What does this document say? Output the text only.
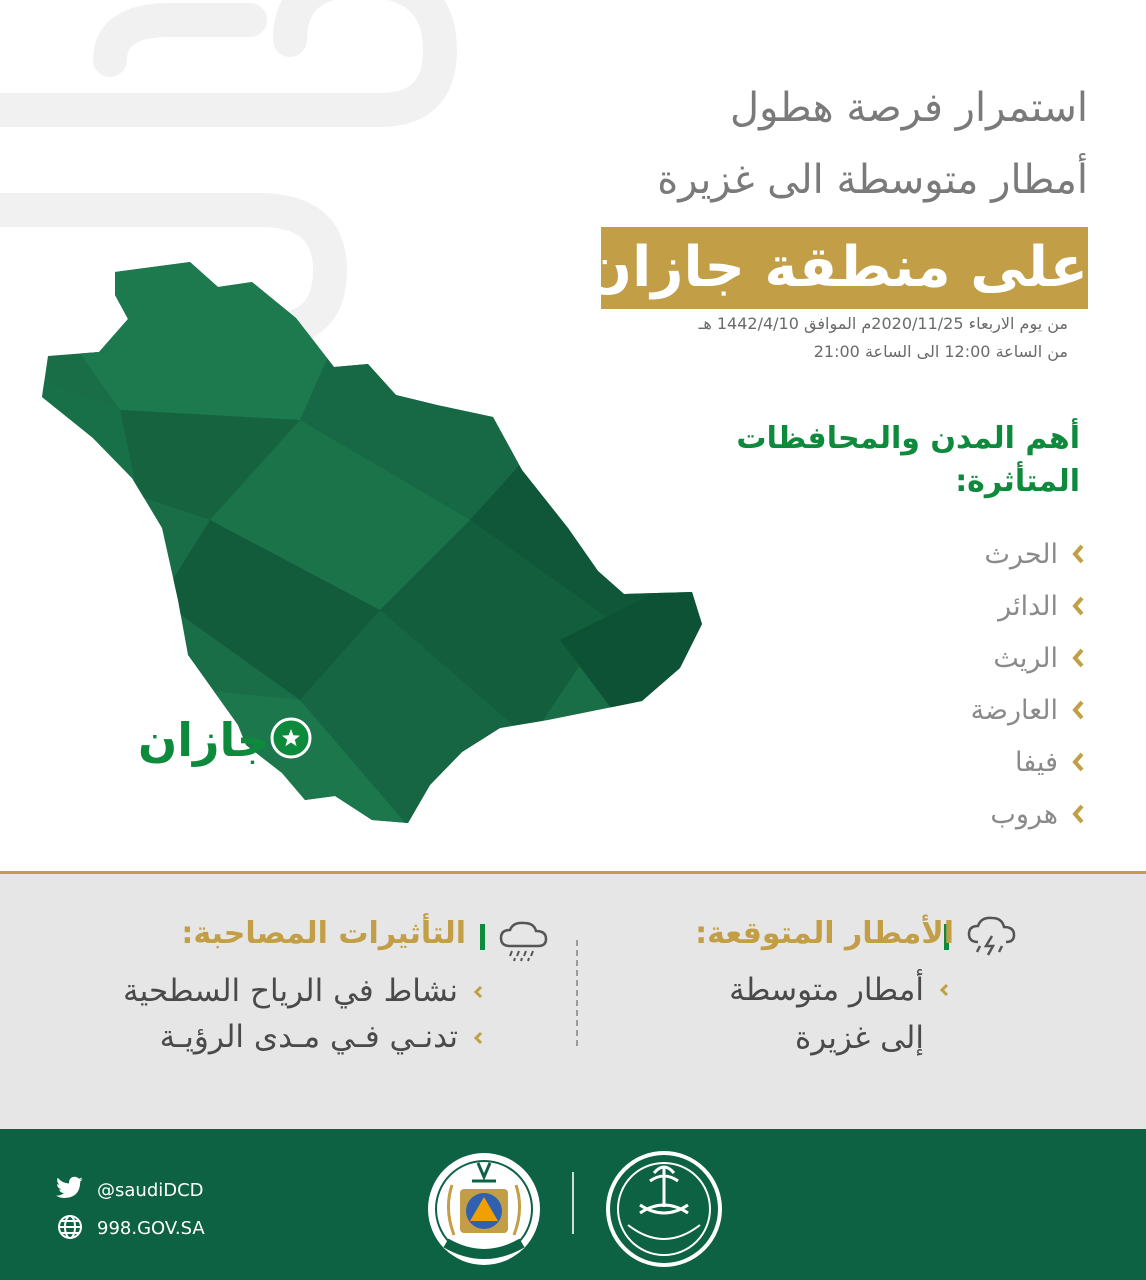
استمرار فرصة هطول
أمطار متوسطة الى غزيرة
على منطقة جازان
من يوم الاربعاء 2020/11/25م الموافق 1442/4/10 هـ
من الساعة 12:00 الى الساعة 21:00
جازان
أهم المدن والمحافظات المتأثرة:
الحرث
الدائر
الريث
العارضة
فيفا
هروب
الأمطار المتوقعة:
أمطار متوسطة
إلى غزيرة
التأثيرات المصاحبة:
نشاط في الرياح السطحية
تدنـي فـي مـدى الرؤيـة
@saudiDCD
998.GOV.SA
